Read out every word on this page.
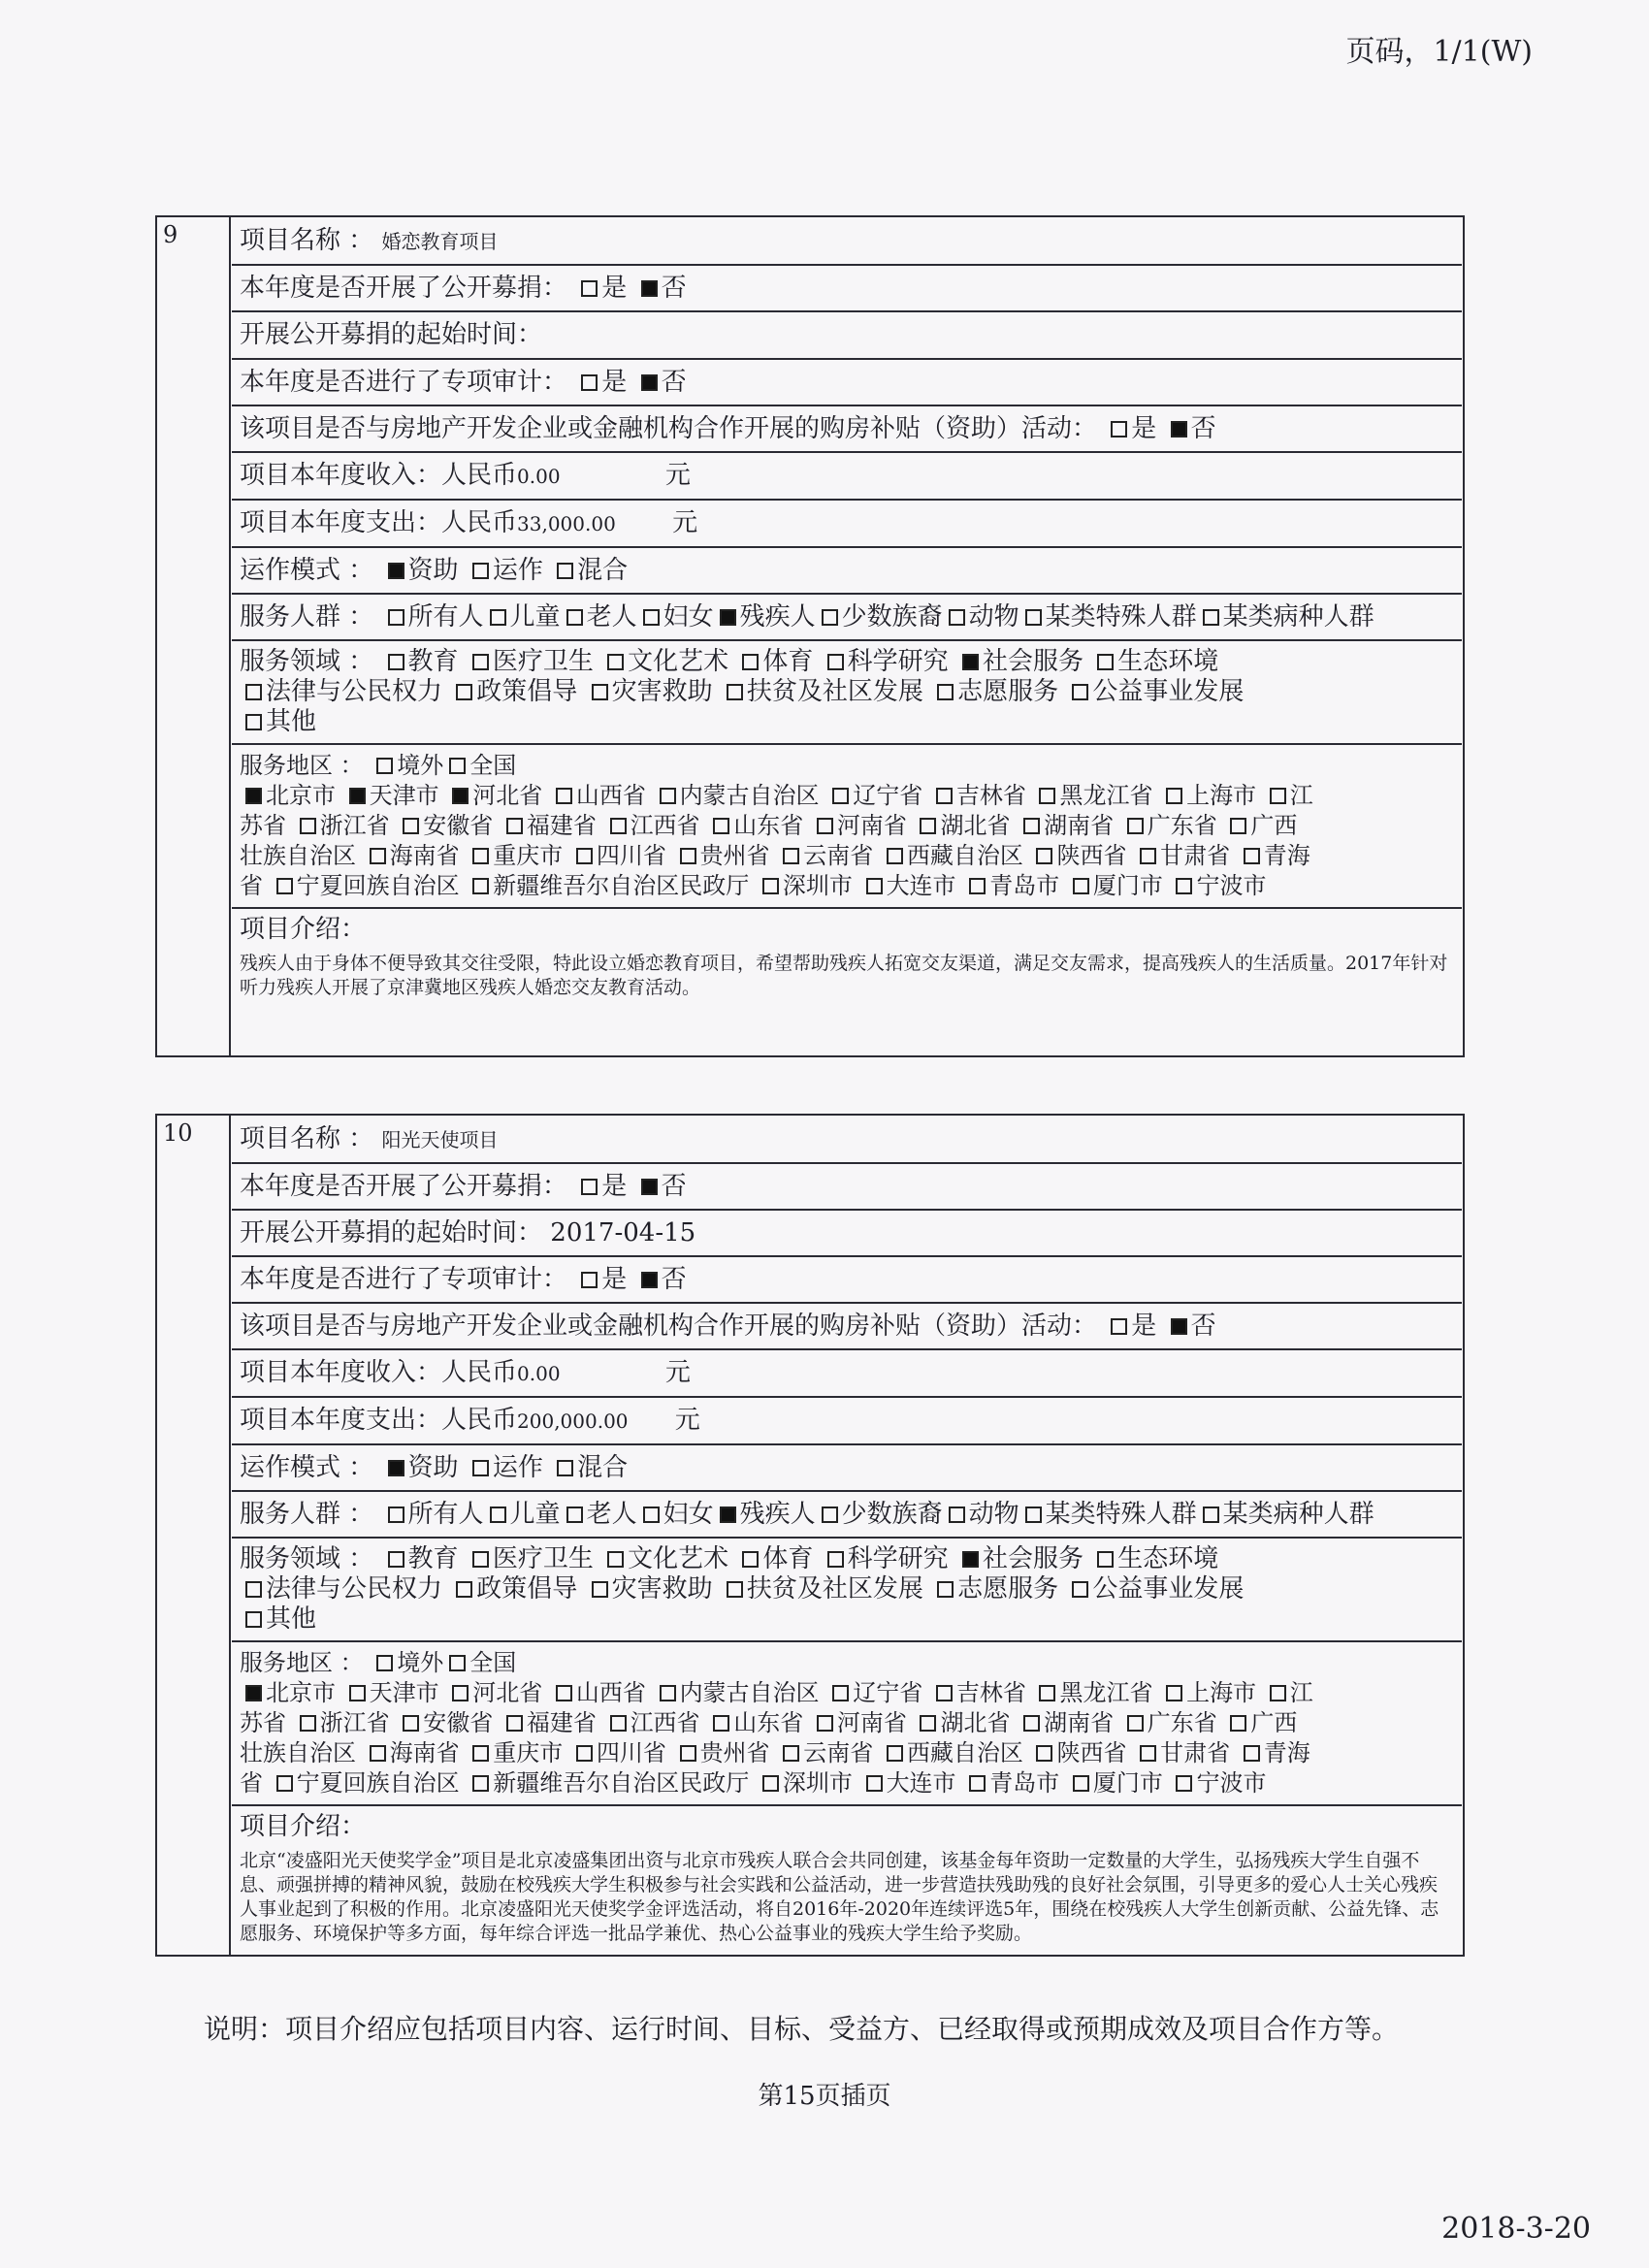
页码，1/1(W)
9	项目名称 ： 婚恋教育项目
本年度是否开展了公开募捐： 是 否
开展公开募捐的起始时间：
本年度是否进行了专项审计： 是 否
该项目是否与房地产开发企业或金融机构合作开展的购房补贴（资助）活动： 是 否
项目本年度收入：人民币0.00	元
项目本年度支出：人民币33,000.00 元
运作模式 ： 资助 运作 混合
服务人群 ： 所有人 儿童 老人 妇女 残疾人 少数族裔 动物 某类特殊人群 某类病种人群
服务领域 ： 教育 医疗卫生 文化艺术 体育 科学研究 社会服务 生态环境
法律与公民权力 政策倡导 灾害救助 扶贫及社区发展 志愿服务 公益事业发展
其他
服务地区 ： 境外 全国
北京市 天津市 河北省 山西省 内蒙古自治区 辽宁省 吉林省 黑龙江省 上海市 江
苏省 浙江省 安徽省 福建省 江西省 山东省 河南省 湖北省 湖南省 广东省 广西
壮族自治区 海南省 重庆市 四川省 贵州省 云南省 西藏自治区 陕西省 甘肃省 青海
省 宁夏回族自治区 新疆维吾尔自治区民政厅 深圳市 大连市 青岛市 厦门市 宁波市
项目介绍：
残疾人由于身体不便导致其交往受限，特此设立婚恋教育项目，希望帮助残疾人拓宽交友渠道，满足交友需求，提高残疾人的生活质量。2017年针对听力残疾人开展了京津冀地区残疾人婚恋交友教育活动。
10	项目名称 ： 阳光天使项目
本年度是否开展了公开募捐： 是 否
开展公开募捐的起始时间： 2017-04-15
本年度是否进行了专项审计： 是 否
该项目是否与房地产开发企业或金融机构合作开展的购房补贴（资助）活动： 是 否
项目本年度收入：人民币0.00	元
项目本年度支出：人民币200,000.00 元
运作模式 ： 资助 运作 混合
服务人群 ： 所有人 儿童 老人 妇女 残疾人 少数族裔 动物 某类特殊人群 某类病种人群
服务领域 ： 教育 医疗卫生 文化艺术 体育 科学研究 社会服务 生态环境
法律与公民权力 政策倡导 灾害救助 扶贫及社区发展 志愿服务 公益事业发展
其他
服务地区 ： 境外 全国
北京市 天津市 河北省 山西省 内蒙古自治区 辽宁省 吉林省 黑龙江省 上海市 江
苏省 浙江省 安徽省 福建省 江西省 山东省 河南省 湖北省 湖南省 广东省 广西
壮族自治区 海南省 重庆市 四川省 贵州省 云南省 西藏自治区 陕西省 甘肃省 青海
省 宁夏回族自治区 新疆维吾尔自治区民政厅 深圳市 大连市 青岛市 厦门市 宁波市
项目介绍：
北京“凌盛阳光天使奖学金”项目是北京凌盛集团出资与北京市残疾人联合会共同创建，该基金每年资助一定数量的大学生，弘扬残疾大学生自强不息、顽强拼搏的精神风貌，鼓励在校残疾大学生积极参与社会实践和公益活动，进一步营造扶残助残的良好社会氛围，引导更多的爱心人士关心残疾人事业起到了积极的作用。北京凌盛阳光天使奖学金评选活动，将自2016年-2020年连续评选5年，围绕在校残疾人大学生创新贡献、公益先锋、志愿服务、环境保护等多方面，每年综合评选一批品学兼优、热心公益事业的残疾大学生给予奖励。
说明：项目介绍应包括项目内容、运行时间、目标、受益方、已经取得或预期成效及项目合作方等。
第15页插页
2018-3-20
